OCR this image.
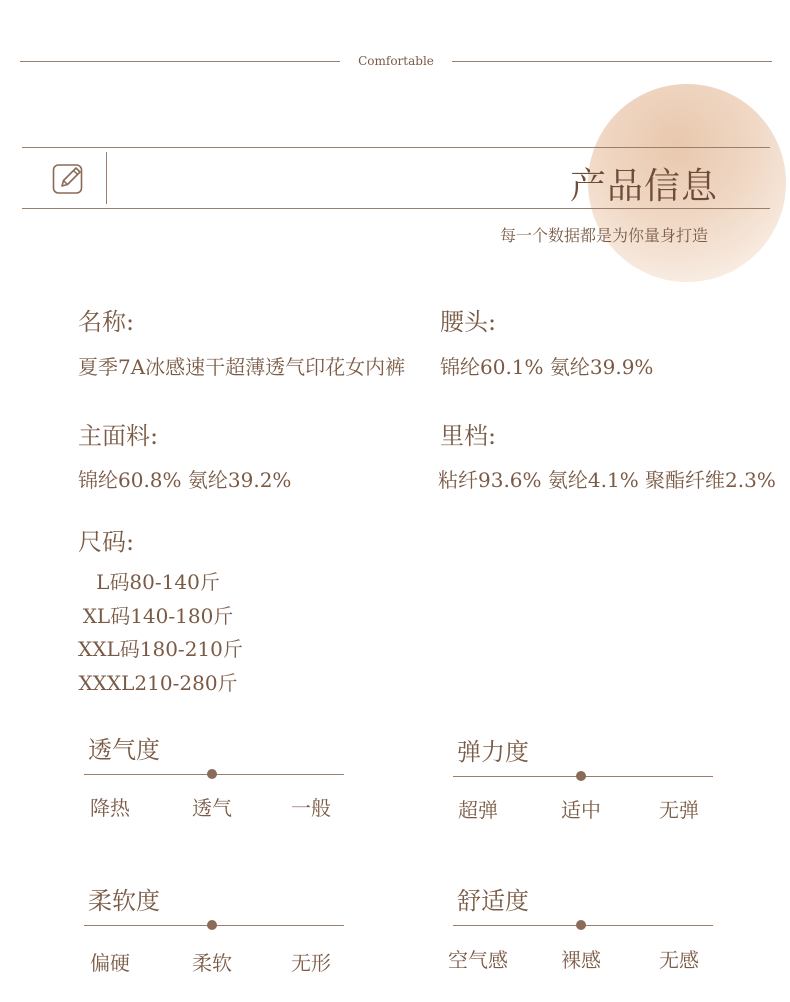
Comfortable
产品信息
每一个数据都是为你量身打造
名称:
夏季7A冰感速干超薄透气印花女内裤
腰头:
锦纶60.1% 氨纶39.9%
主面料:
锦纶60.8% 氨纶39.2%
里档:
粘纤93.6% 氨纶4.1% 聚酯纤维2.3%
尺码:
L码80-140斤
XL码140-180斤
XXL码180-210斤
XXXL210-280斤
透气度
降热	透气	一般
弹力度
超弹	适中	无弹
柔软度
偏硬	柔软	无形
舒适度
空气感	裸感	无感
